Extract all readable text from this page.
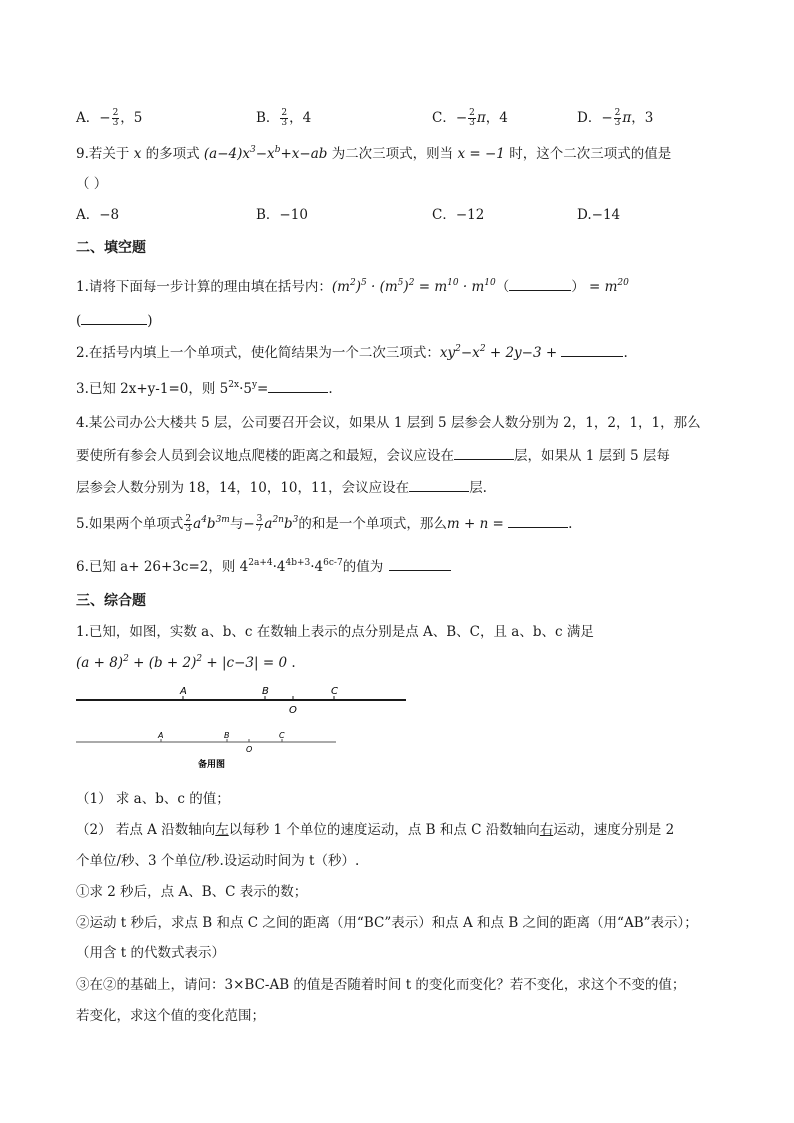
A．− $\frac{2}{3}$ ，5	B． $\frac{2}{3}$ ，4	C．− $\frac{2}{3}$ π，4	D．− $\frac{2}{3}$ π，3
9.若关于 x 的多项式 $(a-4)x^3-x^b+x-ab$ 为二次三项式，则当 x = −1 时，这个二次三项式的值是
（ ）
A．−8	B．−10	C．−12	D.−14
二、填空题
1.请将下面每一步计算的理由填在括号内：$(m^2)^5 \cdot (m^5)^2 = m^{10} \cdot m^{10}$（	） = $m^{20}$
(	)
2.在括号内填上一个单项式，使化简结果为一个二次三项式：$xy^2-x^2 + 2y-3$ +	.
3.已知 2x+y-1=0，则 $5^{2x}\cdot 5^y=$	.
4.某公司办公大楼共 5 层，公司要召开会议，如果从 1 层到 5 层参会人数分别为 2，1，2，1，1，那么
要使所有参会人员到会议地点爬楼的距离之和最短，会议应设在	层，如果从 1 层到 5 层每
层参会人数分别为 18，14，10，10，11，会议应设在	层.
5.如果两个单项式 $\frac{2}{3} a^4b^{3m}$与− $\frac{3}{7} a^{2n}b^3$的和是一个单项式，那么m + n =	.
6.已知 a+ 26+3c=2，则 $4^{2a+4}\cdot 4^{4b+3}\cdot 4^{6c-7}$的值为
三、综合题
1.已知，如图，实数 a、b、c 在数轴上表示的点分别是点 A、B、C，且 a、b、c 满足
$(a + 8)^2 + (b + 2)^2 + |c-3| = 0$ .
A	B
O
C
A	B
O
C
备用图
（1） 求 a、b、c 的值；
（2） 若点 A 沿数轴向左以每秒 1 个单位的速度运动，点 B 和点 C 沿数轴向右运动，速度分别是 2
个单位/秒、3 个单位/秒.设运动时间为 t（秒）.
①求 2 秒后，点 A、B、C 表示的数；
②运动 t 秒后，求点 B 和点 C 之间的距离（用“BC”表示）和点 A 和点 B 之间的距离（用“AB”表示）；
（用含 t 的代数式表示）
③在②的基础上，请问：3×BC-AB 的值是否随着时间 t 的变化而变化？若不变化，求这个不变的值；
若变化，求这个值的变化范围；
